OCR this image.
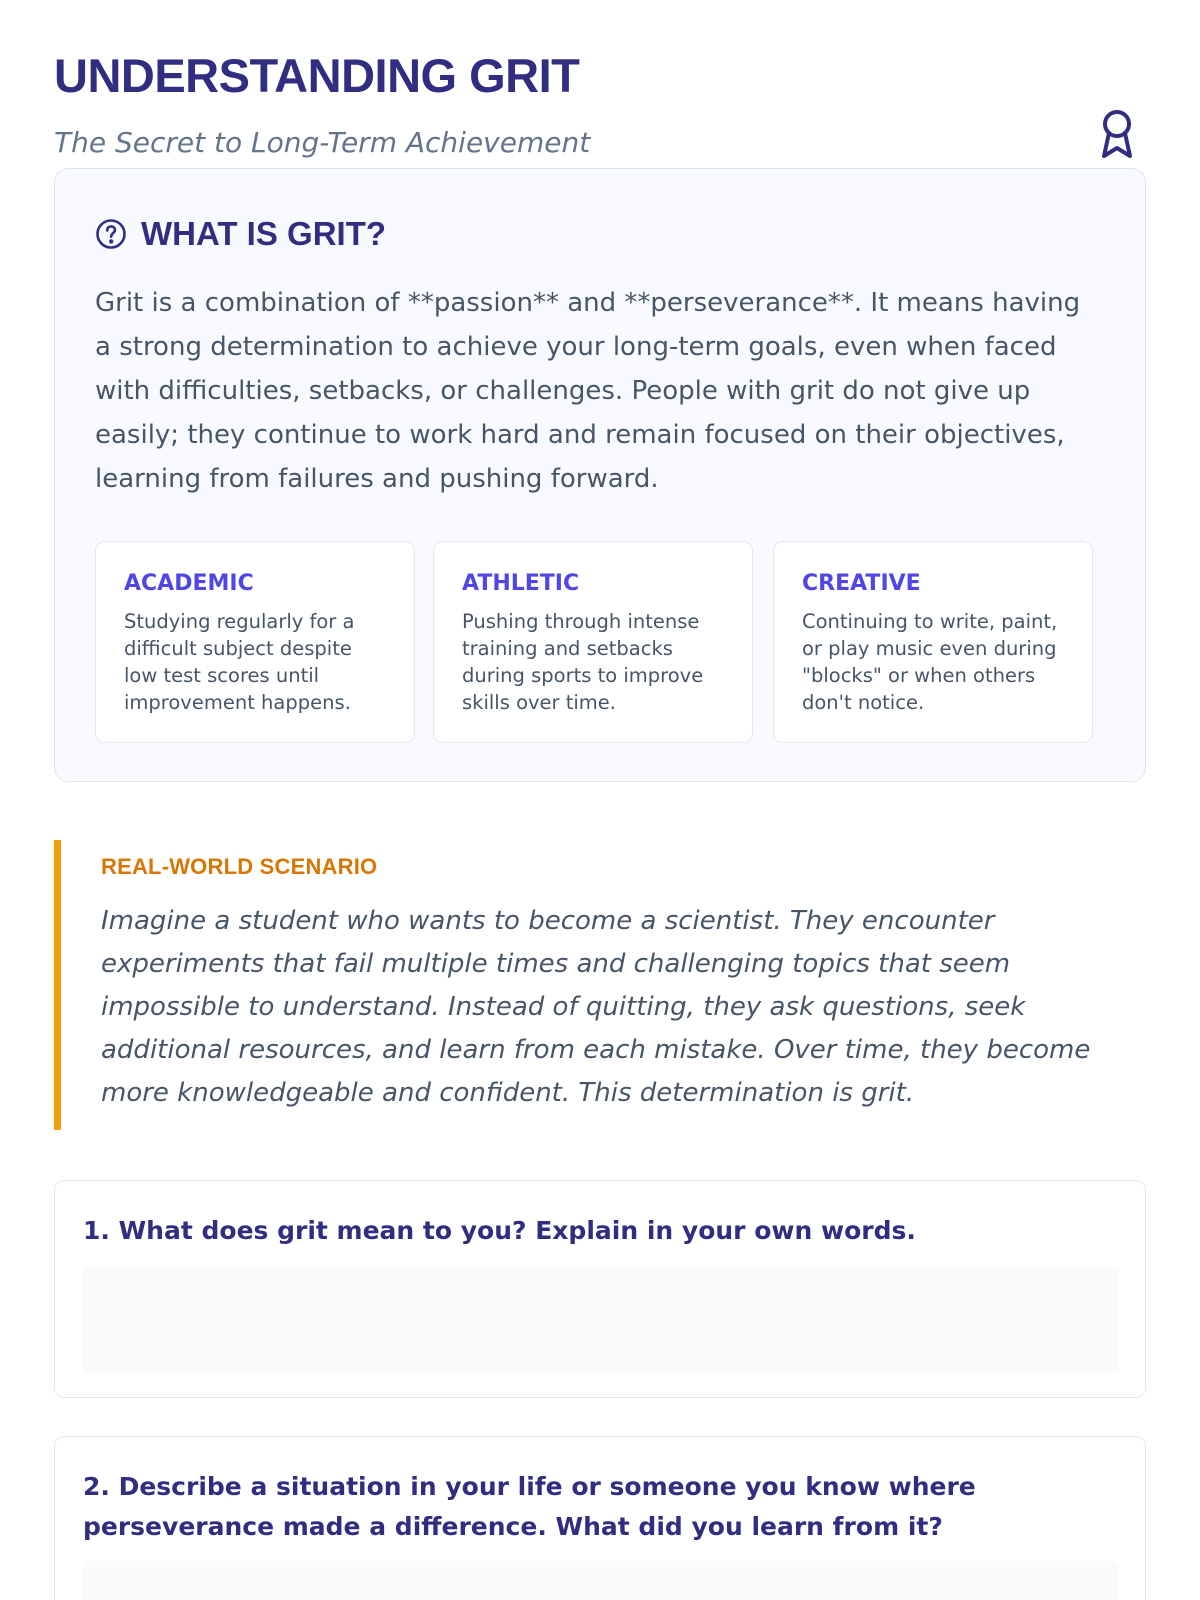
UNDERSTANDING GRIT

The Secret to Long-Term Achievement

WHAT IS GRIT?

Grit is a combination of **passion** and **perseverance**. It means having a strong determination to achieve your long-term goals, even when faced with difficulties, setbacks, or challenges. People with grit do not give up easily; they continue to work hard and remain focused on their objectives, learning from failures and pushing forward.

ACADEMIC

Studying regularly for a difficult subject despite low test scores until improvement happens.

ATHLETIC

Pushing through intense training and setbacks during sports to improve skills over time.

CREATIVE

Continuing to write, paint, or play music even during "blocks" or when others don't notice.

REAL-WORLD SCENARIO

Imagine a student who wants to become a scientist. They encounter experiments that fail multiple times and challenging topics that seem impossible to understand. Instead of quitting, they ask questions, seek additional resources, and learn from each mistake. Over time, they become more knowledgeable and confident. This determination is grit.

1. What does grit mean to you? Explain in your own words.

2. Describe a situation in your life or someone you know where perseverance made a difference. What did you learn from it?
